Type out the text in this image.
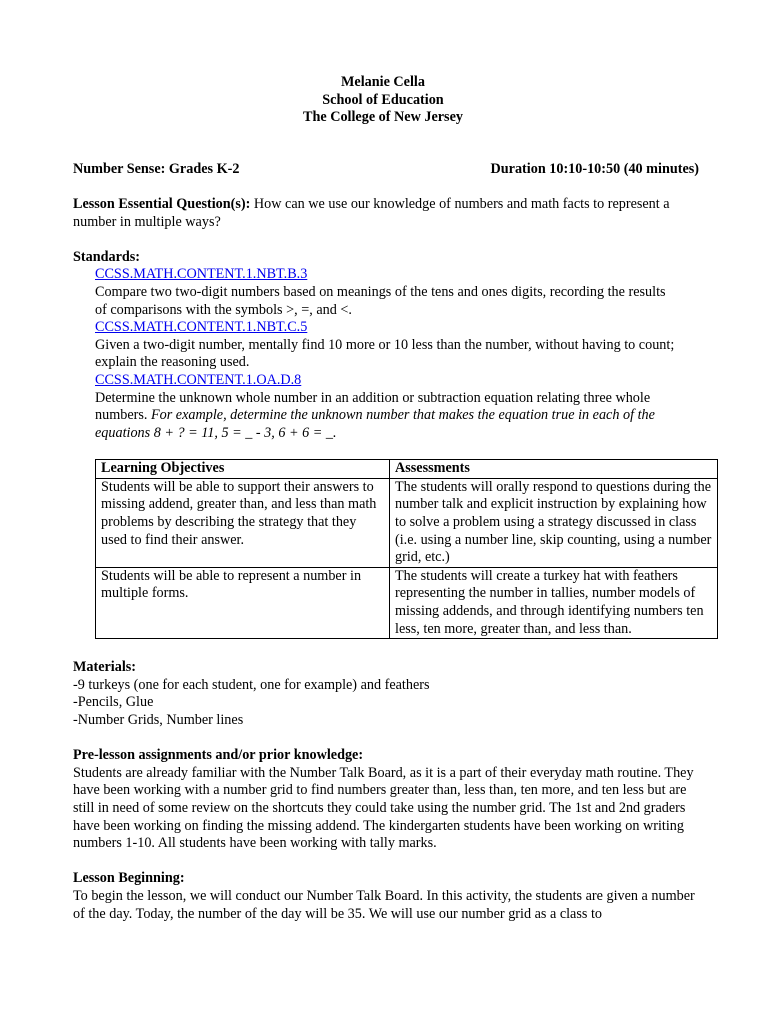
Melanie Cella
School of Education
The College of New Jersey
Number Sense: Grades K-2	Duration 10:10-10:50 (40 minutes)

Lesson Essential Question(s): How can we use our knowledge of numbers and math facts to represent a number in multiple ways?

Standards:
CCSS.MATH.CONTENT.1.NBT.B.3

Compare two two-digit numbers based on meanings of the tens and ones digits, recording the results of comparisons with the symbols >, =, and <.

CCSS.MATH.CONTENT.1.NBT.C.5

Given a two-digit number, mentally find 10 more or 10 less than the number, without having to count; explain the reasoning used.

CCSS.MATH.CONTENT.1.OA.D.8

Determine the unknown whole number in an addition or subtraction equation relating three whole numbers. For example, determine the unknown number that makes the equation true in each of the equations 8 + ? = 11, 5 = _ - 3, 6 + 6 = _.

Learning Objectives	Assessments
Students will be able to support their answers to missing addend, greater than, and less than math problems by describing the strategy that they used to find their answer.	The students will orally respond to questions during the number talk and explicit instruction by explaining how to solve a problem using a strategy discussed in class (i.e. using a number line, skip counting, using a number grid, etc.)
Students will be able to represent a number in multiple forms.	The students will create a turkey hat with feathers representing the number in tallies, number models of missing addends, and through identifying numbers ten less, ten more, greater than, and less than.
Materials:
-9 turkeys (one for each student, one for example) and feathers
-Pencils, Glue
-Number Grids, Number lines
Pre-lesson assignments and/or prior knowledge:

Students are already familiar with the Number Talk Board, as it is a part of their everyday math routine. They have been working with a number grid to find numbers greater than, less than, ten more, and ten less but are still in need of some review on the shortcuts they could take using the number grid. The 1st and 2nd graders have been working on finding the missing addend. The kindergarten students have been working on writing numbers 1-10. All students have been working with tally marks.

Lesson Beginning:

To begin the lesson, we will conduct our Number Talk Board. In this activity, the students are given a number of the day. Today, the number of the day will be 35. We will use our number grid as a class to
